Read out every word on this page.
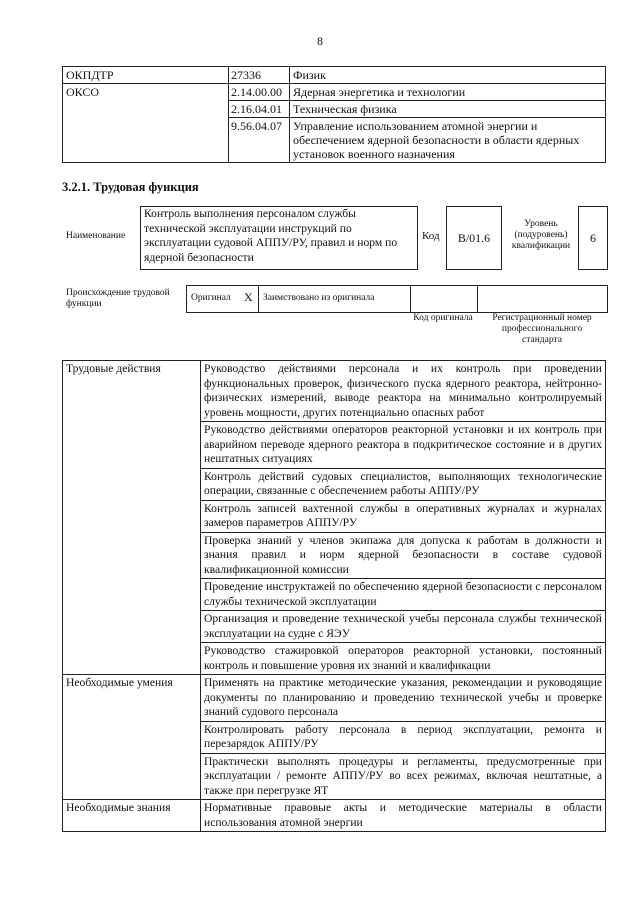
8
ОКПДТР	27336	Физик
ОКСО	2.14.00.00	Ядерная энергетика и технологии
	2.16.04.01	Техническая физика
	9.56.04.07	Управление использованием атомной энергии и обеспечением ядерной безопасности в области ядерных установок военного назначения
3.2.1. Трудовая функция
Наименование
Контроль выполнения персоналом службы технической эксплуатации инструкций по эксплуатации судовой АППУ/РУ, правил и норм по ядерной безопасности
Код	B/01.6
Уровень (подуровень) квалификации
6
Происхождение трудовой функции
Оригинал X Заимствовано из оригинала
Код оригинала	Регистрационный номер профессионального стандарта
Трудовые действия	Руководство действиями персонала и их контроль при проведении функциональных проверок, физического пуска ядерного реактора, нейтронно-физических измерений, выводе реактора на минимально контролируемый уровень мощности, других потенциально опасных работ
	Руководство действиями операторов реакторной установки и их контроль при аварийном переводе ядерного реактора в подкритическое состояние и в других нештатных ситуациях
	Контроль действий судовых специалистов, выполняющих технологические операции, связанные с обеспечением работы АППУ/РУ
	Контроль записей вахтенной службы в оперативных журналах и журналах замеров параметров АППУ/РУ
	Проверка знаний у членов экипажа для допуска к работам в должности и знания правил и норм ядерной безопасности в составе судовой квалификационной комиссии
	Проведение инструктажей по обеспечению ядерной безопасности с персоналом службы технической эксплуатации
	Организация и проведение технической учебы персонала службы технической эксплуатации на судне с ЯЭУ
	Руководство стажировкой операторов реакторной установки, постоянный контроль и повышение уровня их знаний и квалификации
Необходимые умения	Применять на практике методические указания, рекомендации и руководящие документы по планированию и проведению технической учебы и проверке знаний судового персонала
	Контролировать работу персонала в период эксплуатации, ремонта и перезарядок АППУ/РУ
	Практически выполнять процедуры и регламенты, предусмотренные при эксплуатации / ремонте АППУ/РУ во всех режимах, включая нештатные, а также при перегрузке ЯТ
Необходимые знания	Нормативные правовые акты и методические материалы в области использования атомной энергии
